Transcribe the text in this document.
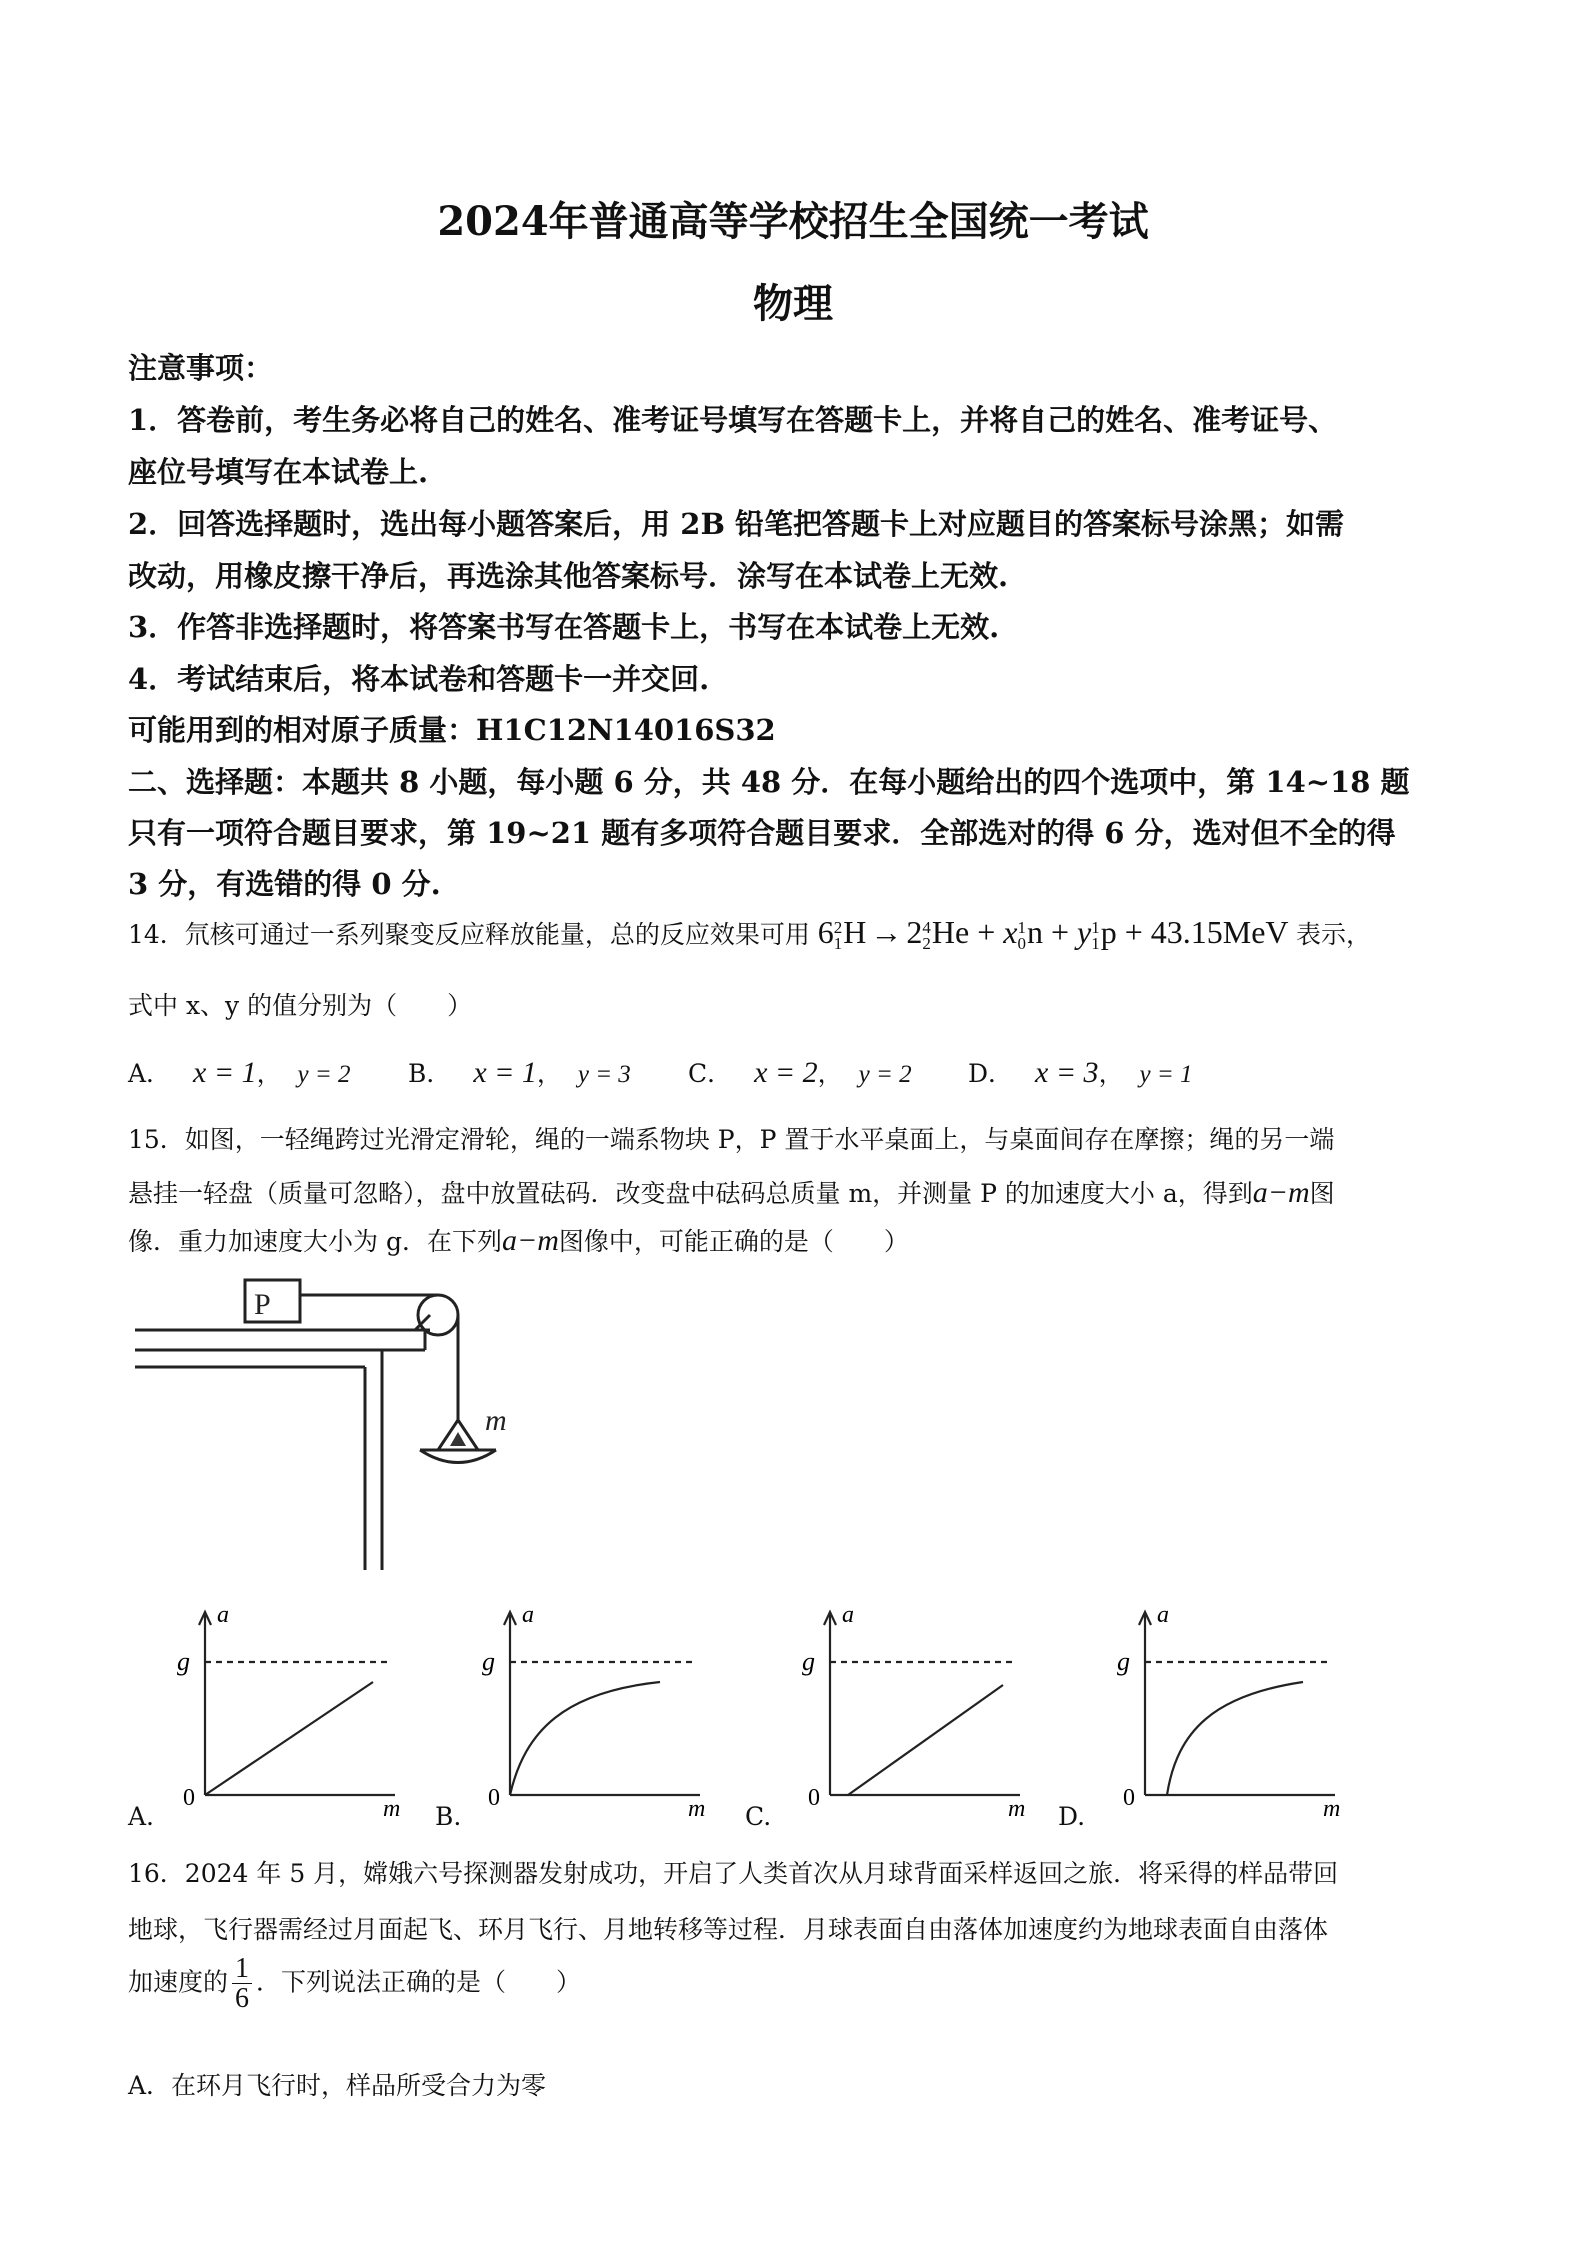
2024年普通高等学校招生全国统一考试
物理
注意事项：
1．答卷前，考生务必将自己的姓名、准考证号填写在答题卡上，并将自己的姓名、准考证号、
座位号填写在本试卷上.
2．回答选择题时，选出每小题答案后，用 2B 铅笔把答题卡上对应题目的答案标号涂黑；如需
改动，用橡皮擦干净后，再选涂其他答案标号．涂写在本试卷上无效.
3．作答非选择题时，将答案书写在答题卡上，书写在本试卷上无效.
4．考试结束后，将本试卷和答题卡一并交回.
可能用到的相对原子质量：H1C12N14016S32
二、选择题：本题共 8 小题，每小题 6 分，共 48 分．在每小题给出的四个选项中，第 14~18 题
只有一项符合题目要求，第 19~21 题有多项符合题目要求．全部选对的得 6 分，选对但不全的得
3 分，有选错的得 0 分.
14．氘核可通过一系列聚变反应释放能量，总的反应效果可用 6 2
1 H → 2 4
2 He + x 1
0 n + y 1
1 p + 43.15MeV 表示，
式中 x、y 的值分别为（　　）
A． x = 1， y = 2 B． x = 1， y = 3 C． x = 2， y = 2 D． x = 3， y = 1
15．如图，一轻绳跨过光滑定滑轮，绳的一端系物块 P，P 置于水平桌面上，与桌面间存在摩擦；绳的另一端
悬挂一轻盘（质量可忽略），盘中放置砝码．改变盘中砝码总质量 m，并测量 P 的加速度大小 a，得到a−m图
像．重力加速度大小为 g．在下列a−m图像中，可能正确的是（　　）
P
m
A.
a
g
0	m B.
a
g
0	m C.
a
g
0	m D.
a
g
0	m
16．2024 年 5 月，嫦娥六号探测器发射成功，开启了人类首次从月球背面采样返回之旅．将采得的样品带回
地球，飞行器需经过月面起飞、环月飞行、月地转移等过程．月球表面自由落体加速度约为地球表面自由落体
加速度的 $\frac{1}{6}$ ．下列说法正确的是（　　）
A．在环月飞行时，样品所受合力为零
